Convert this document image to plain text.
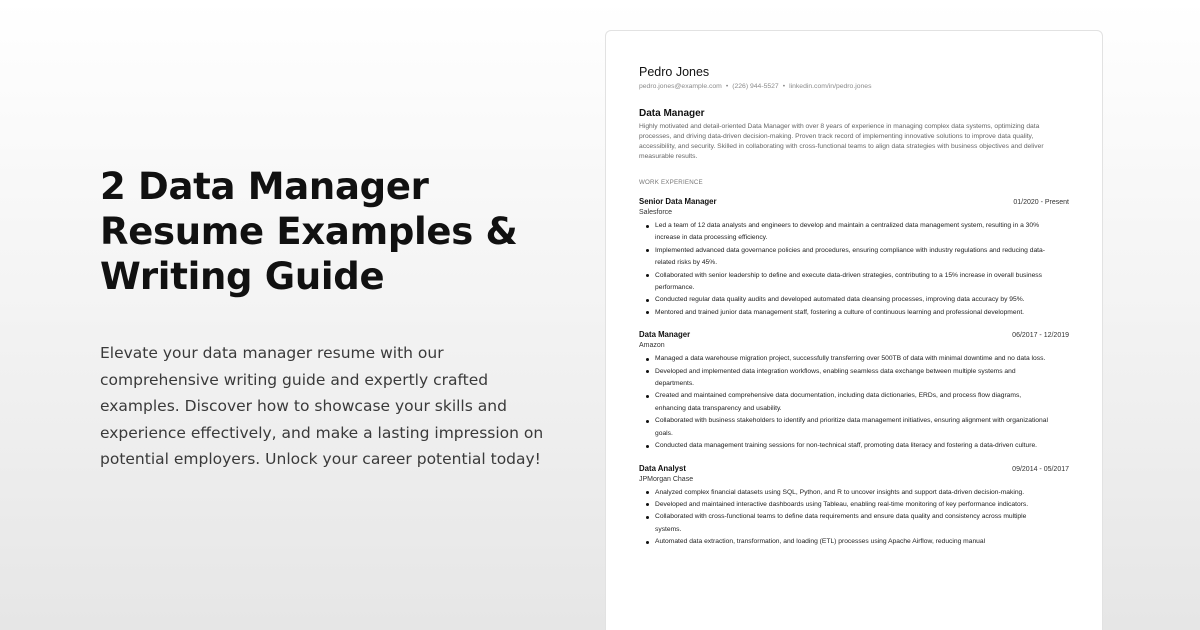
2 Data Manager Resume Examples & Writing Guide

Elevate your data manager resume with our comprehensive writing guide and expertly crafted examples. Discover how to showcase your skills and experience effectively, and make a lasting impression on potential employers. Unlock your career potential today!

Pedro Jones
pedro.jones@example.com • (226) 944-5527 • linkedin.com/in/pedro.jones
Data Manager
Highly motivated and detail-oriented Data Manager with over 8 years of experience in managing complex data systems, optimizing data processes, and driving data-driven decision-making. Proven track record of implementing innovative solutions to improve data quality, accessibility, and security. Skilled in collaborating with cross-functional teams to align data strategies with business objectives and deliver measurable results.
WORK EXPERIENCE
Senior Data Manager	01/2020 - Present
Salesforce
Led a team of 12 data analysts and engineers to develop and maintain a centralized data management system, resulting in a 30% increase in data processing efficiency.
Implemented advanced data governance policies and procedures, ensuring compliance with industry regulations and reducing data-related risks by 45%.
Collaborated with senior leadership to define and execute data-driven strategies, contributing to a 15% increase in overall business performance.
Conducted regular data quality audits and developed automated data cleansing processes, improving data accuracy by 95%.
Mentored and trained junior data management staff, fostering a culture of continuous learning and professional development.
Data Manager	06/2017 - 12/2019
Amazon
Managed a data warehouse migration project, successfully transferring over 500TB of data with minimal downtime and no data loss.
Developed and implemented data integration workflows, enabling seamless data exchange between multiple systems and departments.
Created and maintained comprehensive data documentation, including data dictionaries, ERDs, and process flow diagrams, enhancing data transparency and usability.
Collaborated with business stakeholders to identify and prioritize data management initiatives, ensuring alignment with organizational goals.
Conducted data management training sessions for non-technical staff, promoting data literacy and fostering a data-driven culture.
Data Analyst	09/2014 - 05/2017
JPMorgan Chase
Analyzed complex financial datasets using SQL, Python, and R to uncover insights and support data-driven decision-making.
Developed and maintained interactive dashboards using Tableau, enabling real-time monitoring of key performance indicators.
Collaborated with cross-functional teams to define data requirements and ensure data quality and consistency across multiple systems.
Automated data extraction, transformation, and loading (ETL) processes using Apache Airflow, reducing manual
